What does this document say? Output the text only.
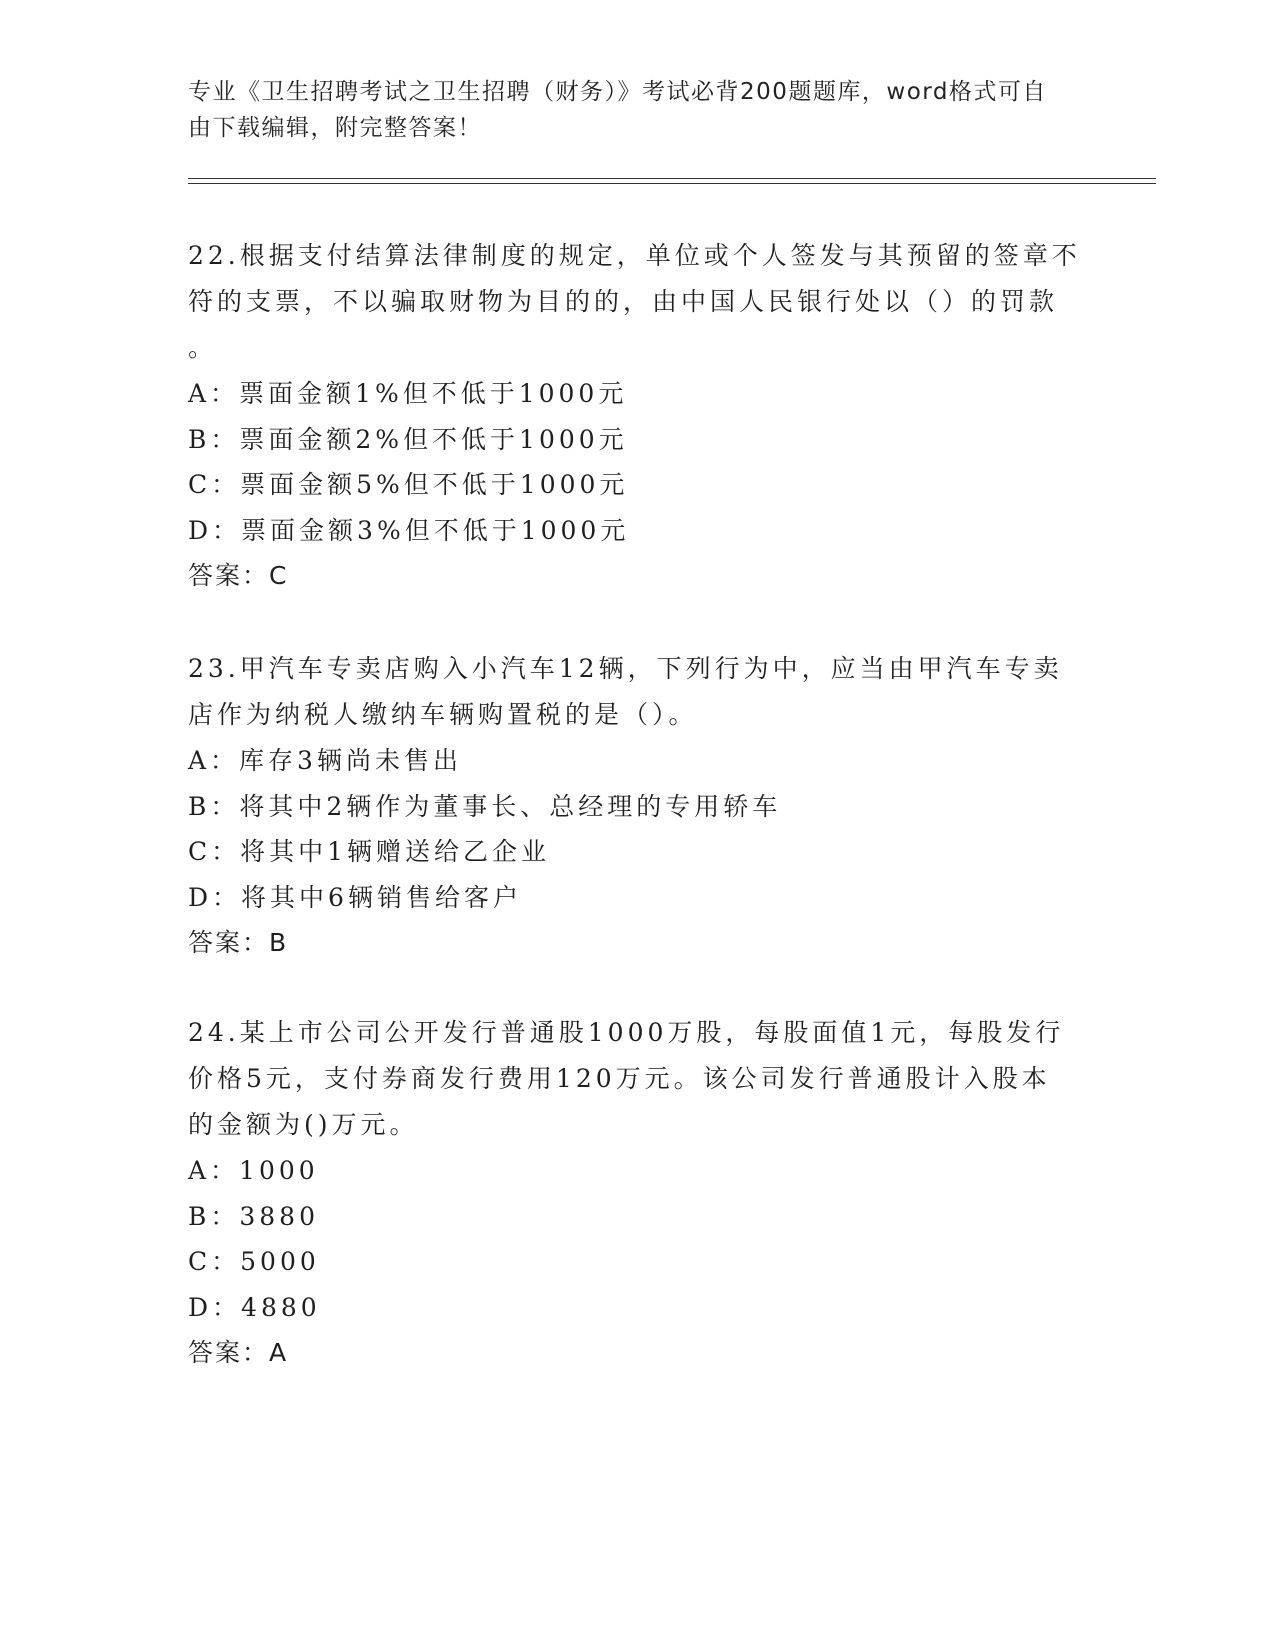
专业《卫生招聘考试之卫生招聘（财务）》考试必背200题题库，word格式可自由下载编辑，附完整答案！

22.根据支付结算法律制度的规定，单位或个人签发与其预留的签章不

符的支票，不以骗取财物为目的的，由中国人民银行处以（）的罚款

。

A：票面金额1%但不低于1000元

B：票面金额2%但不低于1000元

C：票面金额5%但不低于1000元

D：票面金额3%但不低于1000元

答案：C

23.甲汽车专卖店购入小汽车12辆，下列行为中，应当由甲汽车专卖

店作为纳税人缴纳车辆购置税的是（）。

A：库存3辆尚未售出

B：将其中2辆作为董事长、总经理的专用轿车

C：将其中1辆赠送给乙企业

D：将其中6辆销售给客户

答案：B

24.某上市公司公开发行普通股1000万股，每股面值1元，每股发行

价格5元，支付券商发行费用120万元。该公司发行普通股计入股本

的金额为()万元。

A：1000

B：3880

C：5000

D：4880

答案：A
